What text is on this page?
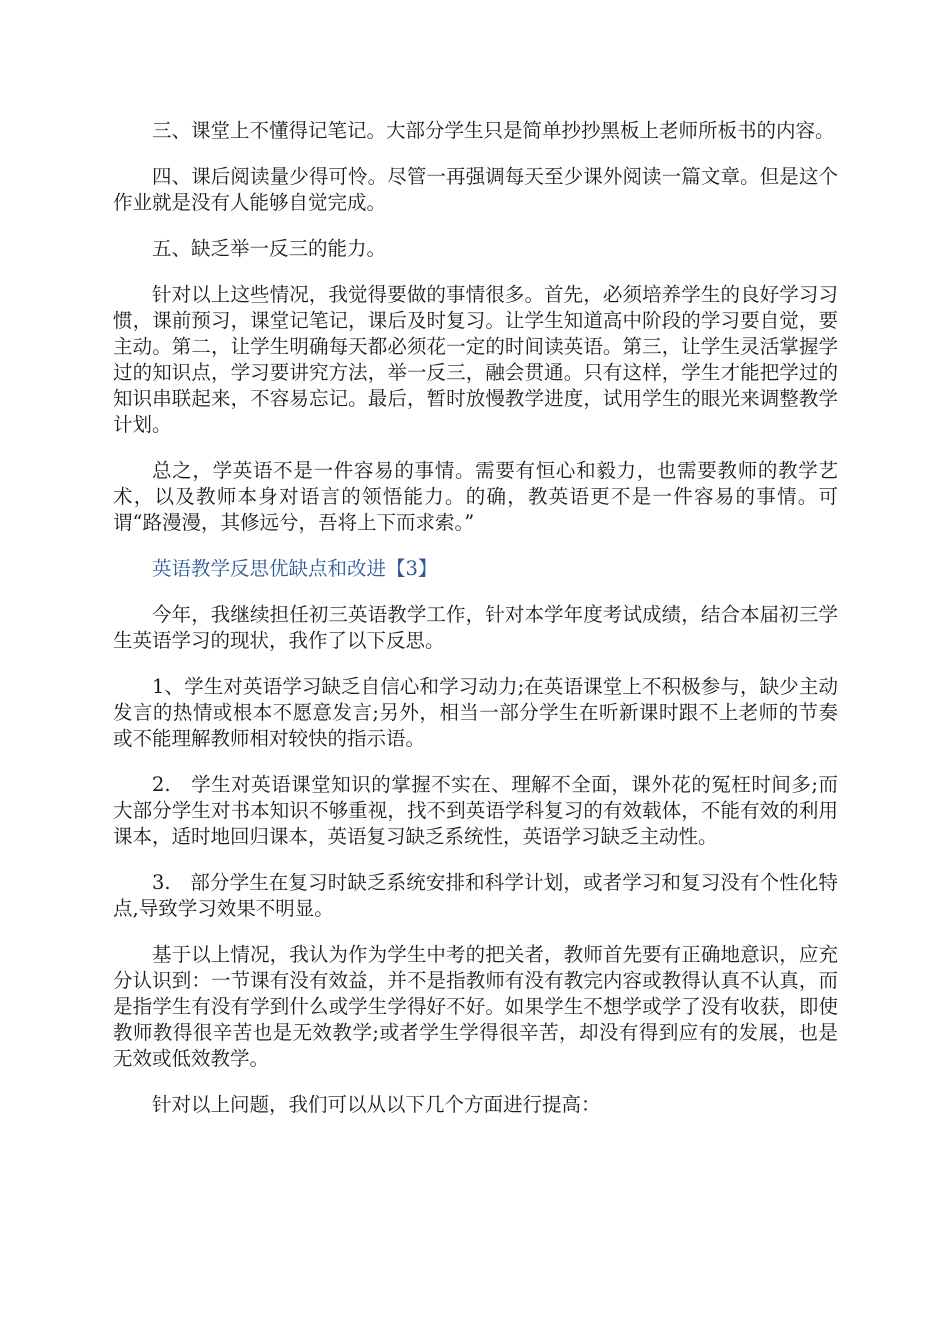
三、课堂上不懂得记笔记。大部分学生只是简单抄抄黑板上老师所板书的内容。

四、课后阅读量少得可怜。尽管一再强调每天至少课外阅读一篇文章。但是这个作业就是没有人能够自觉完成。

五、缺乏举一反三的能力。

针对以上这些情况，我觉得要做的事情很多。首先，必须培养学生的良好学习习惯，课前预习，课堂记笔记，课后及时复习。让学生知道高中阶段的学习要自觉，要主动。第二，让学生明确每天都必须花一定的时间读英语。第三，让学生灵活掌握学过的知识点，学习要讲究方法，举一反三，融会贯通。只有这样，学生才能把学过的知识串联起来，不容易忘记。最后，暂时放慢教学进度，试用学生的眼光来调整教学计划。

总之，学英语不是一件容易的事情。需要有恒心和毅力，也需要教师的教学艺术，以及教师本身对语言的领悟能力。的确，教英语更不是一件容易的事情。可谓“路漫漫，其修远兮，吾将上下而求索。”

英语教学反思优缺点和改进【3】

今年，我继续担任初三英语教学工作，针对本学年度考试成绩，结合本届初三学生英语学习的现状，我作了以下反思。

1、学生对英语学习缺乏自信心和学习动力;在英语课堂上不积极参与，缺少主动发言的热情或根本不愿意发言;另外，相当一部分学生在听新课时跟不上老师的节奏或不能理解教师相对较快的指示语。

2.　学生对英语课堂知识的掌握不实在、理解不全面，课外花的冤枉时间多;而大部分学生对书本知识不够重视，找不到英语学科复习的有效载体，不能有效的利用课本，适时地回归课本，英语复习缺乏系统性，英语学习缺乏主动性。

3.　部分学生在复习时缺乏系统安排和科学计划，或者学习和复习没有个性化特点,导致学习效果不明显。

基于以上情况，我认为作为学生中考的把关者，教师首先要有正确地意识，应充分认识到：一节课有没有效益，并不是指教师有没有教完内容或教得认真不认真，而是指学生有没有学到什么或学生学得好不好。如果学生不想学或学了没有收获，即使教师教得很辛苦也是无效教学;或者学生学得很辛苦，却没有得到应有的发展，也是无效或低效教学。

针对以上问题，我们可以从以下几个方面进行提高：
